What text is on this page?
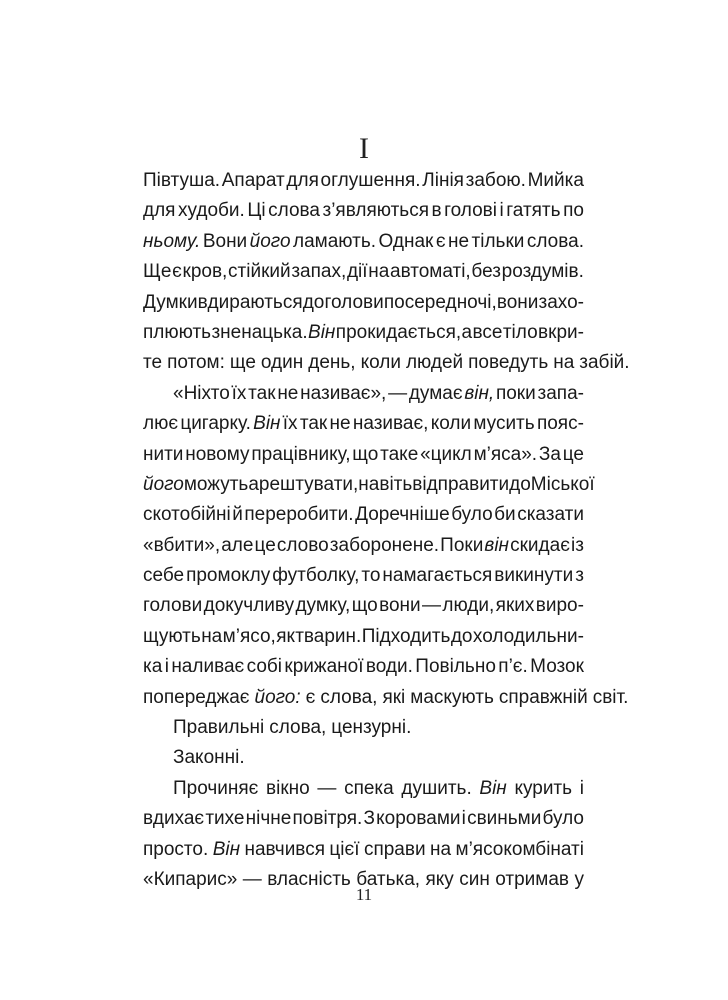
I
Півтуша. Апарат для оглушення. Лінія забою. Мийка
для худоби. Ці слова з’являються в голові і гатять по
ньому. Вони його ламають. Однак є не тільки слова.
Ще є кров, стійкий запах, дії на автоматі, без роздумів.
Думки вдираються до голови посеред ночі, вони захо-
плюють зненацька. Він прокидається, а все тіло вкри-
те потом: ще один день, коли людей поведуть на забій.
«Ніхто їх так не називає», — думає він, поки запа-
лює цигарку. Він їх так не називає, коли мусить пояс-
нити новому працівнику, що таке «цикл м’яса». За це
його можуть арештувати, навіть відправити до Міської
скотобійні й переробити. Доречніше було би сказати
«вбити», але це слово заборонене. Поки він скидає із
себе промоклу футболку, то намагається викинути з
голови докучливу думку, що вони — люди, яких виро-
щують на м’ясо, як тварин. Підходить до холодильни-
ка і наливає собі крижаної води. Повільно п’є. Мозок
попереджає його: є слова, які маскують справжній світ.
Правильні слова, цензурні.
Законні.
Прочиняє вікно — спека душить. Він курить і
вдихає тихе нічне повітря. З коровами і свиньми було
просто. Він навчився цієї справи на м’ясокомбінаті
«Кипарис» — власність батька, яку син отримав у
11
